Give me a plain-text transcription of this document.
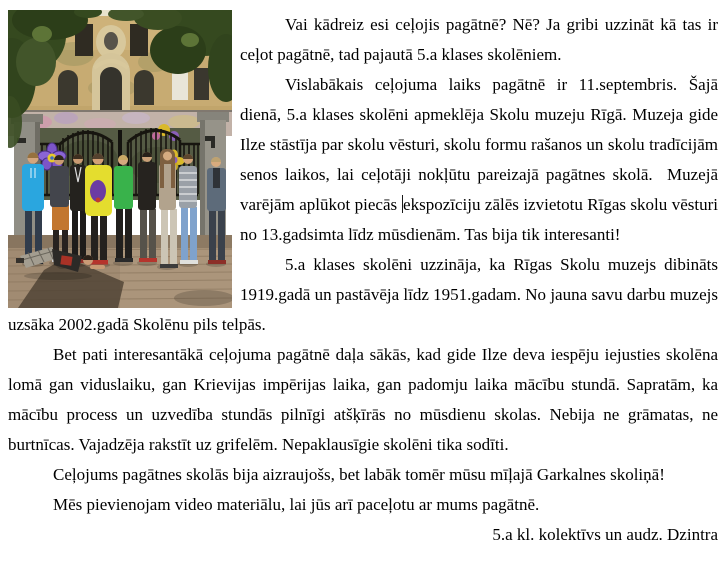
Vai kādreiz esi ceļojis pagātnē? Nē? Ja gribi uzzināt kā tas ir ceļot pagātnē, tad pajautā 5.a klases skolēniem.

Vislabākais ceļojuma laiks pagātnē ir 11.septembris. Šajā dienā, 5.a klases skolēni apmeklēja Skolu muzeju Rīgā. Muzeja gide Ilze stāstīja par skolu vēsturi, skolu formu rašanos un skolu tradīcijām senos laikos, lai ceļotāji nokļūtu pareizajā pagātnes skolā.  Muzejā varējām aplūkot piecās ekspozīciju zālēs izvietotu Rīgas skolu vēsturi no 13.gadsimta līdz mūsdienām. Tas bija tik interesanti!

5.a klases skolēni uzzināja, ka Rīgas Skolu muzejs dibināts 1919.gadā un pastāvēja līdz 1951.gadam. No jauna savu darbu muzejs uzsāka 2002.gadā Skolēnu pils telpās.

Bet pati interesantākā ceļojuma pagātnē daļa sākās, kad gide Ilze deva iespēju iejusties skolēna lomā gan viduslaiku, gan Krievijas impērijas laika, gan padomju laika mācību stundā. Sapratām, ka mācību process un uzvedība stundās pilnīgi atšķīrās no mūsdienu skolas. Nebija ne grāmatas, ne burtnīcas. Vajadzēja rakstīt uz grifelēm. Nepaklausīgie skolēni tika sodīti.

Ceļojums pagātnes skolās bija aizraujošs, bet labāk tomēr mūsu mīļajā Garkalnes skoliņā!

Mēs pievienojam video materiālu, lai jūs arī paceļotu ar mums pagātnē.

5.a kl. kolektīvs un audz. Dzintra
